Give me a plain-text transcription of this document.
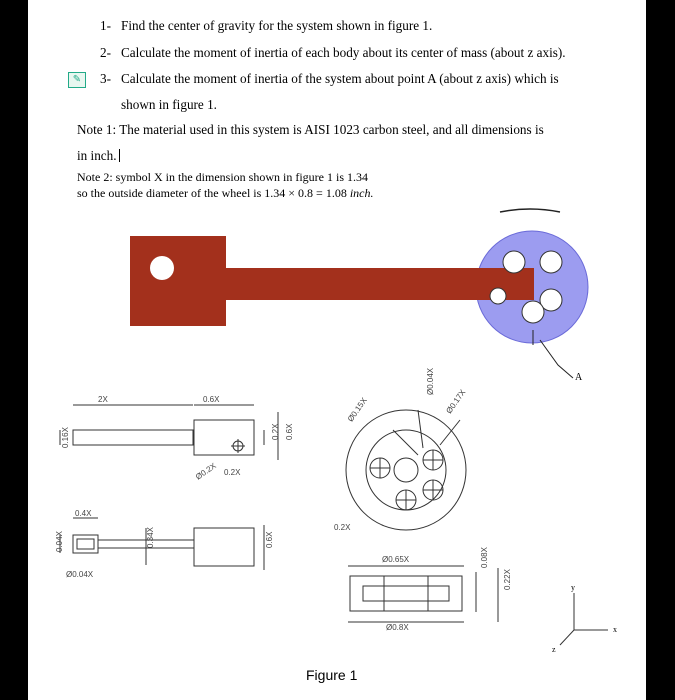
1- Find the center of gravity for the system shown in figure 1.
2- Calculate the moment of inertia of each body about its center of mass (about z axis).
✎	3- Calculate the moment of inertia of the system about point A (about z axis) which is
shown in figure 1.
Note 1: The material used in this system is AISI 1023 carbon steel, and all dimensions is
in inch.
Note 2: symbol X in the dimension shown in figure 1 is 1.34
so the outside diameter of the wheel is 1.34 × 0.8 = 1.08 inch.
A
2X	0.6X
0.16X
Ø0.2X 0.2X
0.2X 0.6X
0.4X
0.34X
0.04X
Ø0.04X
0.6X
Ø0.15X
Ø0.04X
Ø0.17X
0.2X
Ø0.65X	0.08X
0.22X
Ø0.8X
y
x
z
Figure 1
